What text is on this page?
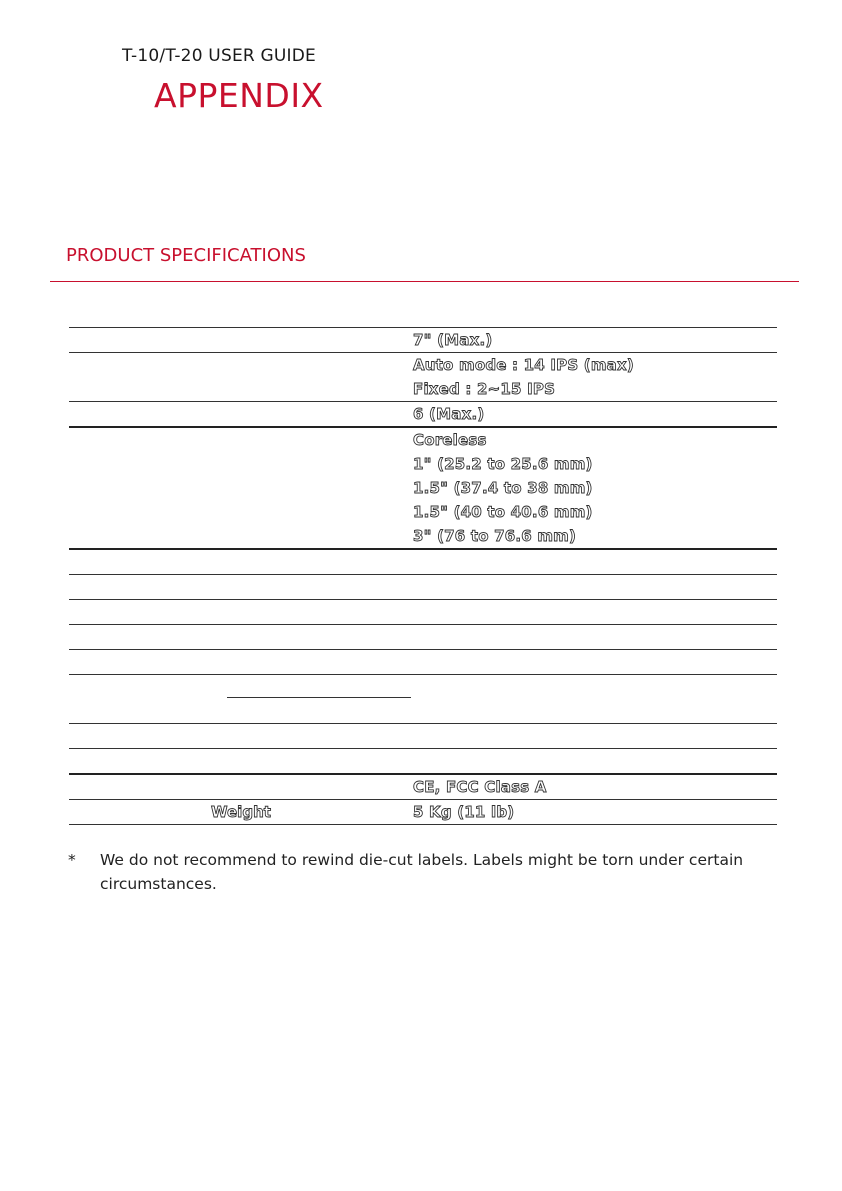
T-10/T-20 USER GUIDE
APPENDIX
PRODUCT SPECIFICATIONS
7" (Max.)
Auto mode : 14 IPS (max)
Fixed : 2~15 IPS
6 (Max.)
Coreless
1" (25.2 to 25.6 mm)
1.5" (37.4 to 38 mm)
1.5" (40 to 40.6 mm)
3" (76 to 76.6 mm)
CE, FCC Class A
Weight	5 Kg (11 lb)
* We do not recommend to rewind die-cut labels. Labels might be torn under certain circumstances.
